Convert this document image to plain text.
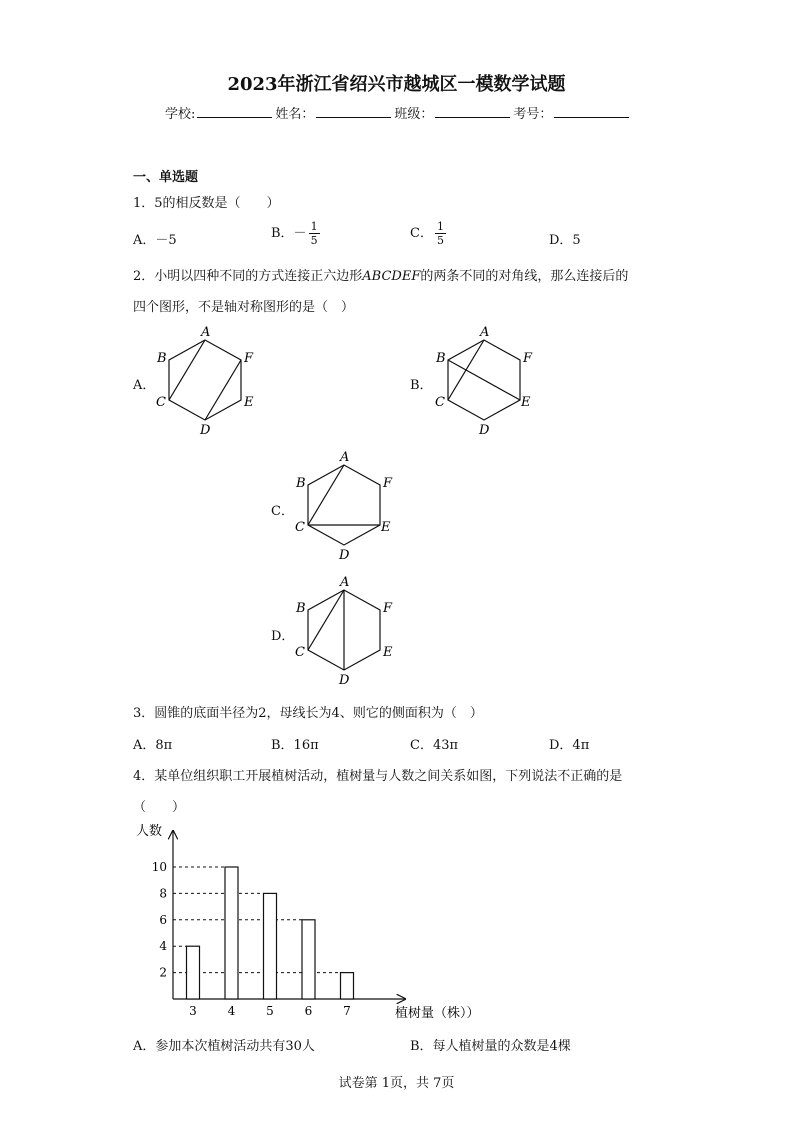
2023年浙江省绍兴市越城区一模数学试题
学校:	姓名：	班级：	考号：
一、单选题
1．5的相反数是（　　）
A．－5	B．－ $\frac{1}{5}$	C． $\frac{1}{5}$	D．5
2．小明以四种不同的方式连接正六边形ABCDEF的两条不同的对角线，那么连接后的
四个图形，不是轴对称图形的是（　）
A．	B．
C．
D．
A
B
C
D
E
F
A
B
C
D
E
F
A
B
C
D
E
F
A
B
C
D
E
F
3．圆锥的底面半径为2，母线长为4、则它的侧面积为（　）
A．8π	B．16π	C．43π	D．4π
4．某单位组织职工开展植树活动，植树量与人数之间关系如图，下列说法不正确的是
（　　）
人数
植树量（株））
2
4
6
8
10
3	4	5	6	7
A．参加本次植树活动共有30人	B．每人植树量的众数是4棵
试卷第 1页，共 7页
